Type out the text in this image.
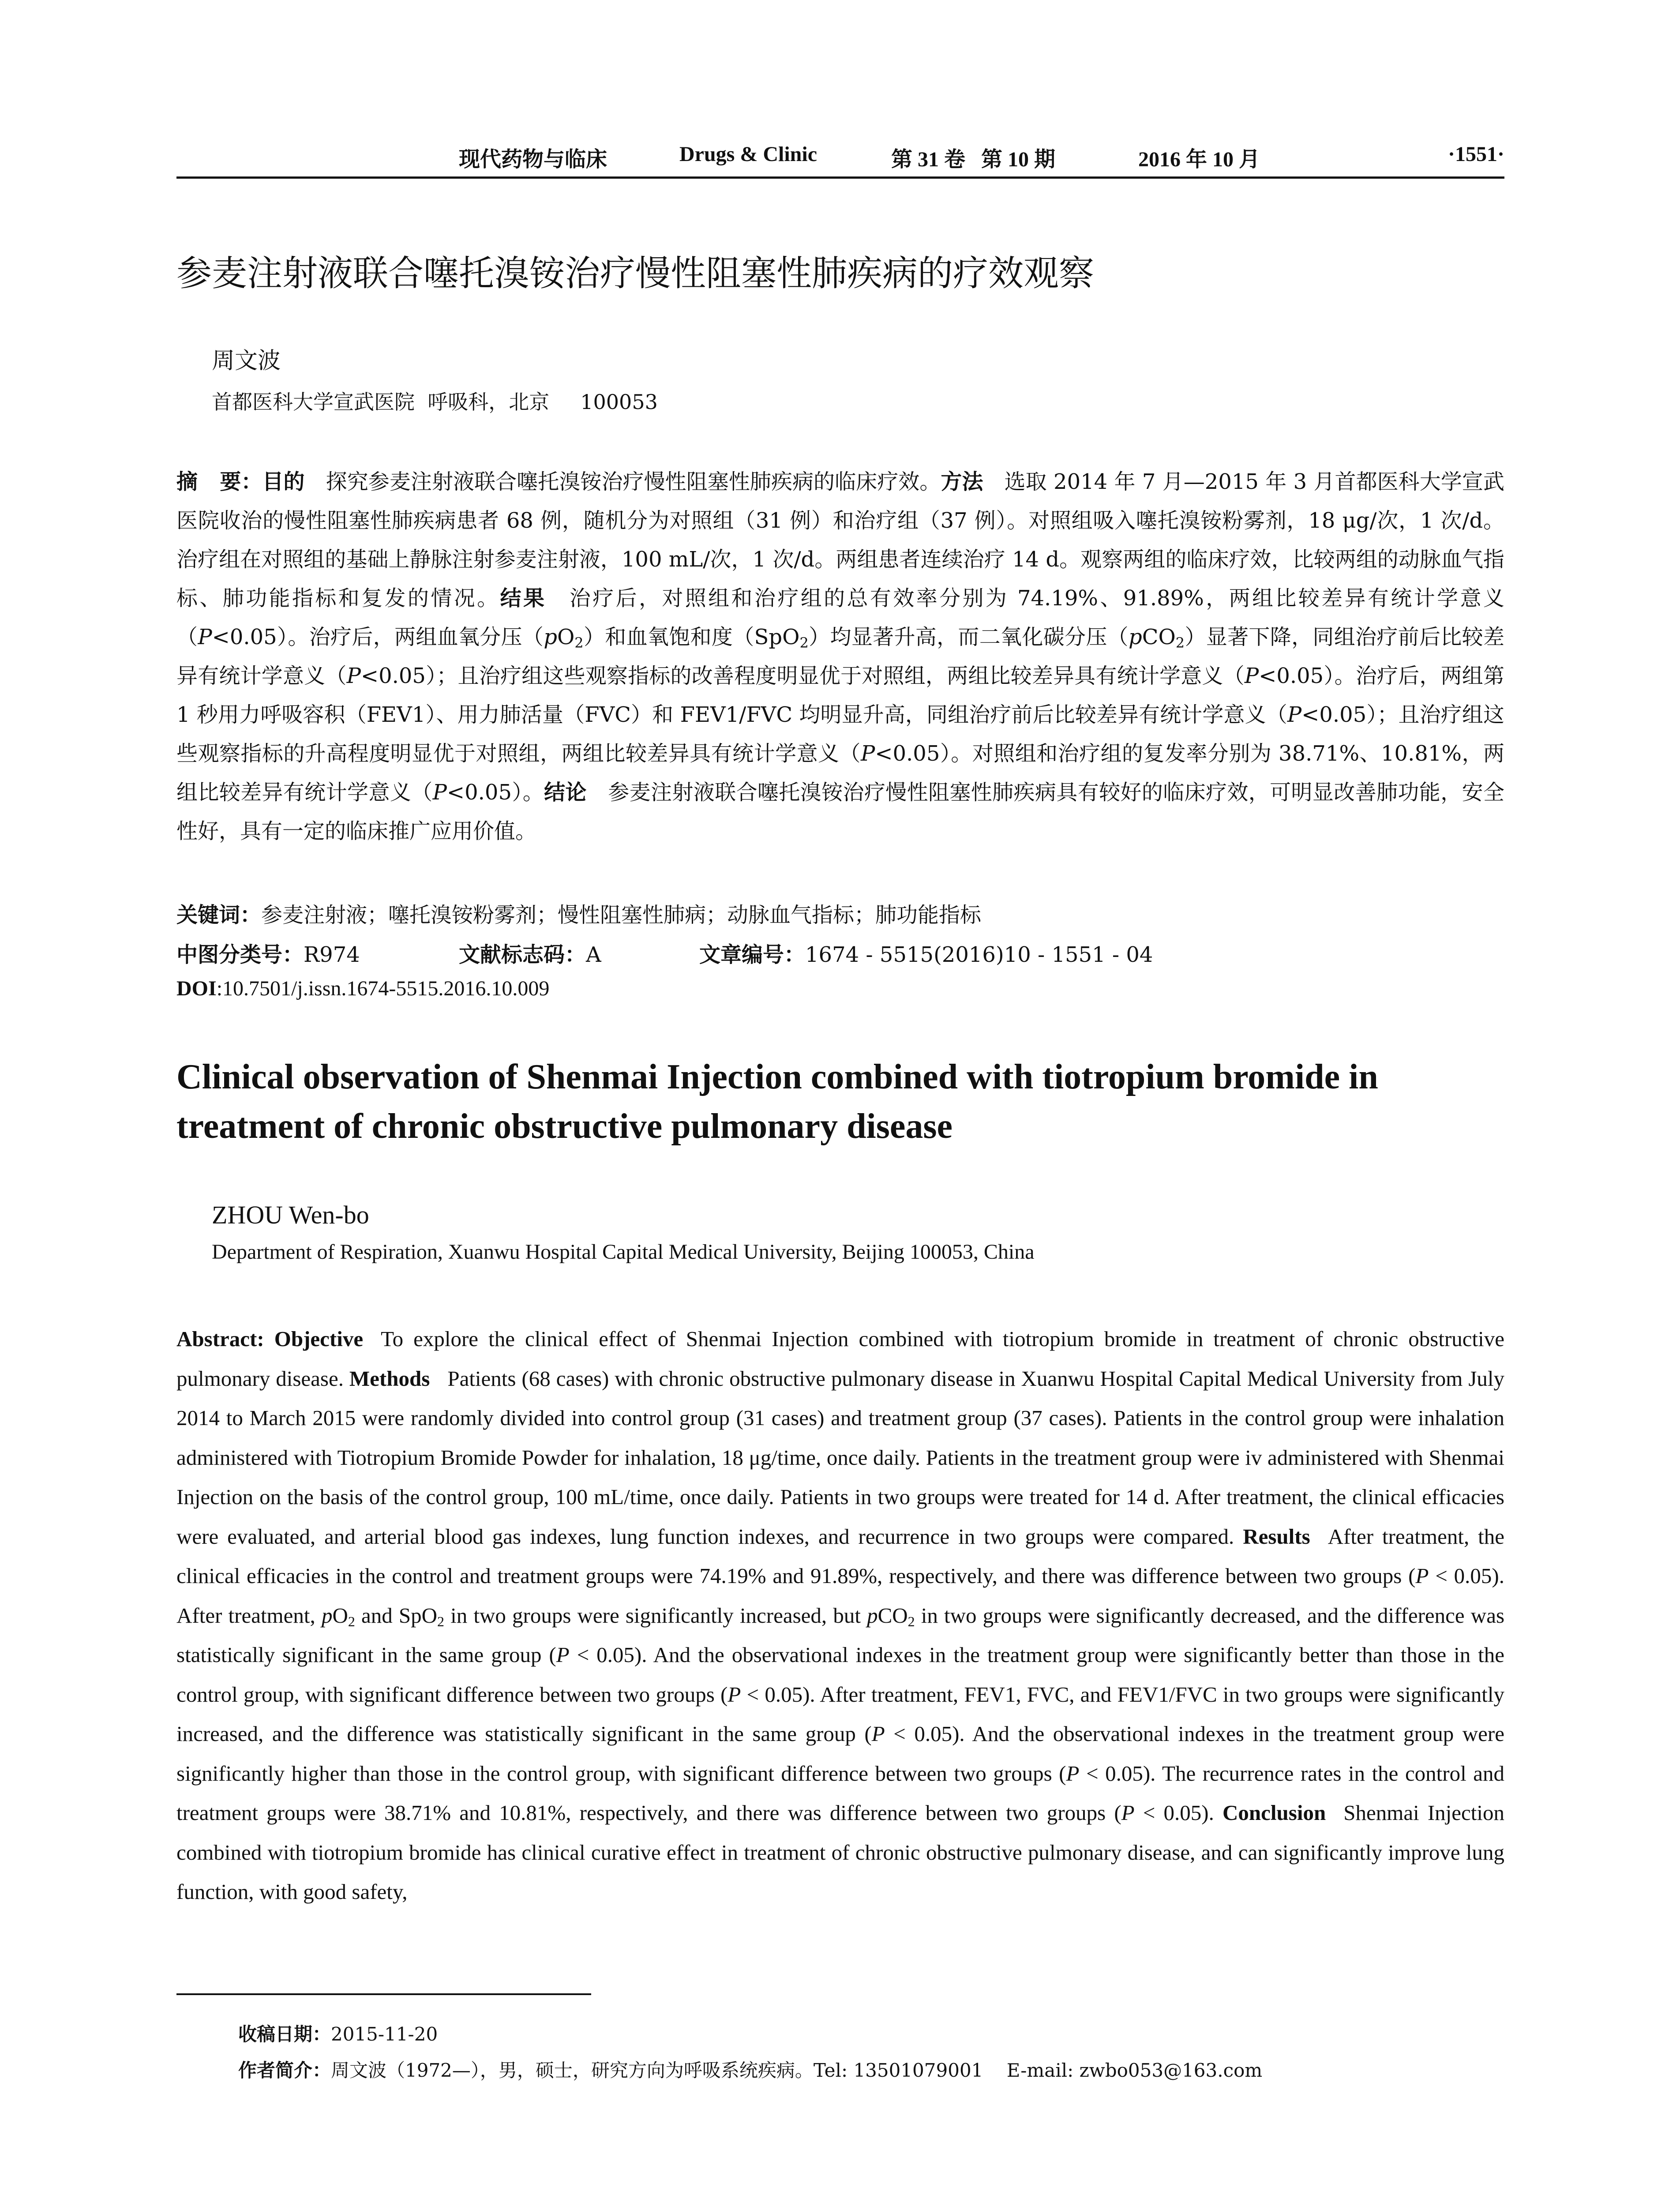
现代药物与临床	Drugs & Clinic	第 31 卷   第 10 期	2016 年 10 月	·1551·
参麦注射液联合噻托溴铵治疗慢性阻塞性肺疾病的疗效观察
周文波
首都医科大学宣武医院  呼吸科，北京 100053
摘   要：目的 探究参麦注射液联合噻托溴铵治疗慢性阻塞性肺疾病的临床疗效。方法 选取 2014 年 7 月—2015 年 3 月首都医科大学宣武医院收治的慢性阻塞性肺疾病患者 68 例，随机分为对照组（31 例）和治疗组（37 例）。对照组吸入噻托溴铵粉雾剂，18 μg/次，1 次/d。治疗组在对照组的基础上静脉注射参麦注射液，100 mL/次，1 次/d。两组患者连续治疗 14 d。观察两组的临床疗效，比较两组的动脉血气指标、肺功能指标和复发的情况。结果 治疗后，对照组和治疗组的总有效率分别为 74.19%、91.89%，两组比较差异有统计学意义（P<0.05）。治疗后，两组血氧分压$(pO_2)$和血氧饱和度（SpO$_2$）均显著升高，而二氧化碳分压（pCO$_2$）显著下降，同组治疗前后比较差异有统计学意义（P<0.05）；且治疗组这些观察指标的改善程度明显优于对照组，两组比较差异具有统计学意义（P<0.05）。治疗后，两组第 1 秒用力呼吸容积（FEV1）、用力肺活量（FVC）和 FEV1/FVC 均明显升高，同组治疗前后比较差异有统计学意义（P<0.05）；且治疗组这些观察指标的升高程度明显优于对照组，两组比较差异具有统计学意义（P<0.05）。对照组和治疗组的复发率分别为 38.71%、10.81%，两组比较差异有统计学意义（P<0.05）。结论 参麦注射液联合噻托溴铵治疗慢性阻塞性肺疾病具有较好的临床疗效，可明显改善肺功能，安全性好，具有一定的临床推广应用价值。
关键词：参麦注射液；噻托溴铵粉雾剂；慢性阻塞性肺病；动脉血气指标；肺功能指标
中图分类号：R974	文献标志码：A	文章编号：1674 - 5515(2016)10 - 1551 - 04
DOI:10.7501/j.issn.1674-5515.2016.10.009
Clinical observation of Shenmai Injection combined with tiotropium bromide in treatment of chronic obstructive pulmonary disease
ZHOU Wen-bo
Department of Respiration, Xuanwu Hospital Capital Medical University, Beijing 100053, China
Abstract: Objective To explore the clinical effect of Shenmai Injection combined with tiotropium bromide in treatment of chronic obstructive pulmonary disease. Methods Patients (68 cases) with chronic obstructive pulmonary disease in Xuanwu Hospital Capital Medical University from July 2014 to March 2015 were randomly divided into control group (31 cases) and treatment group (37 cases). Patients in the control group were inhalation administered with Tiotropium Bromide Powder for inhalation, 18 μg/time, once daily. Patients in the treatment group were iv administered with Shenmai Injection on the basis of the control group, 100 mL/time, once daily. Patients in two groups were treated for 14 d. After treatment, the clinical efficacies were evaluated, and arterial blood gas indexes, lung function indexes, and recurrence in two groups were compared. Results After treatment, the clinical efficacies in the control and treatment groups were 74.19% and 91.89%, respectively, and there was difference between two groups (P < 0.05). After treatment, $pO_2$ and SpO$_2$ in two groups were significantly increased, but pCO$_2$ in two groups were significantly decreased, and the difference was statistically significant in the same group (P < 0.05). And the observational indexes in the treatment group were significantly better than those in the control group, with significant difference between two groups (P < 0.05). After treatment, FEV1, FVC, and FEV1/FVC in two groups were significantly increased, and the difference was statistically significant in the same group (P < 0.05). And the observational indexes in the treatment group were significantly higher than those in the control group, with significant difference between two groups (P < 0.05). The recurrence rates in the control and treatment groups were 38.71% and 10.81%, respectively, and there was difference between two groups (P < 0.05). Conclusion Shenmai Injection combined with tiotropium bromide has clinical curative effect in treatment of chronic obstructive pulmonary disease, and can significantly improve lung function, with good safety,
收稿日期：2015-11-20
作者简介：周文波（1972—），男，硕士，研究方向为呼吸系统疾病。Tel: 13501079001    E-mail: zwbo053@163.com
